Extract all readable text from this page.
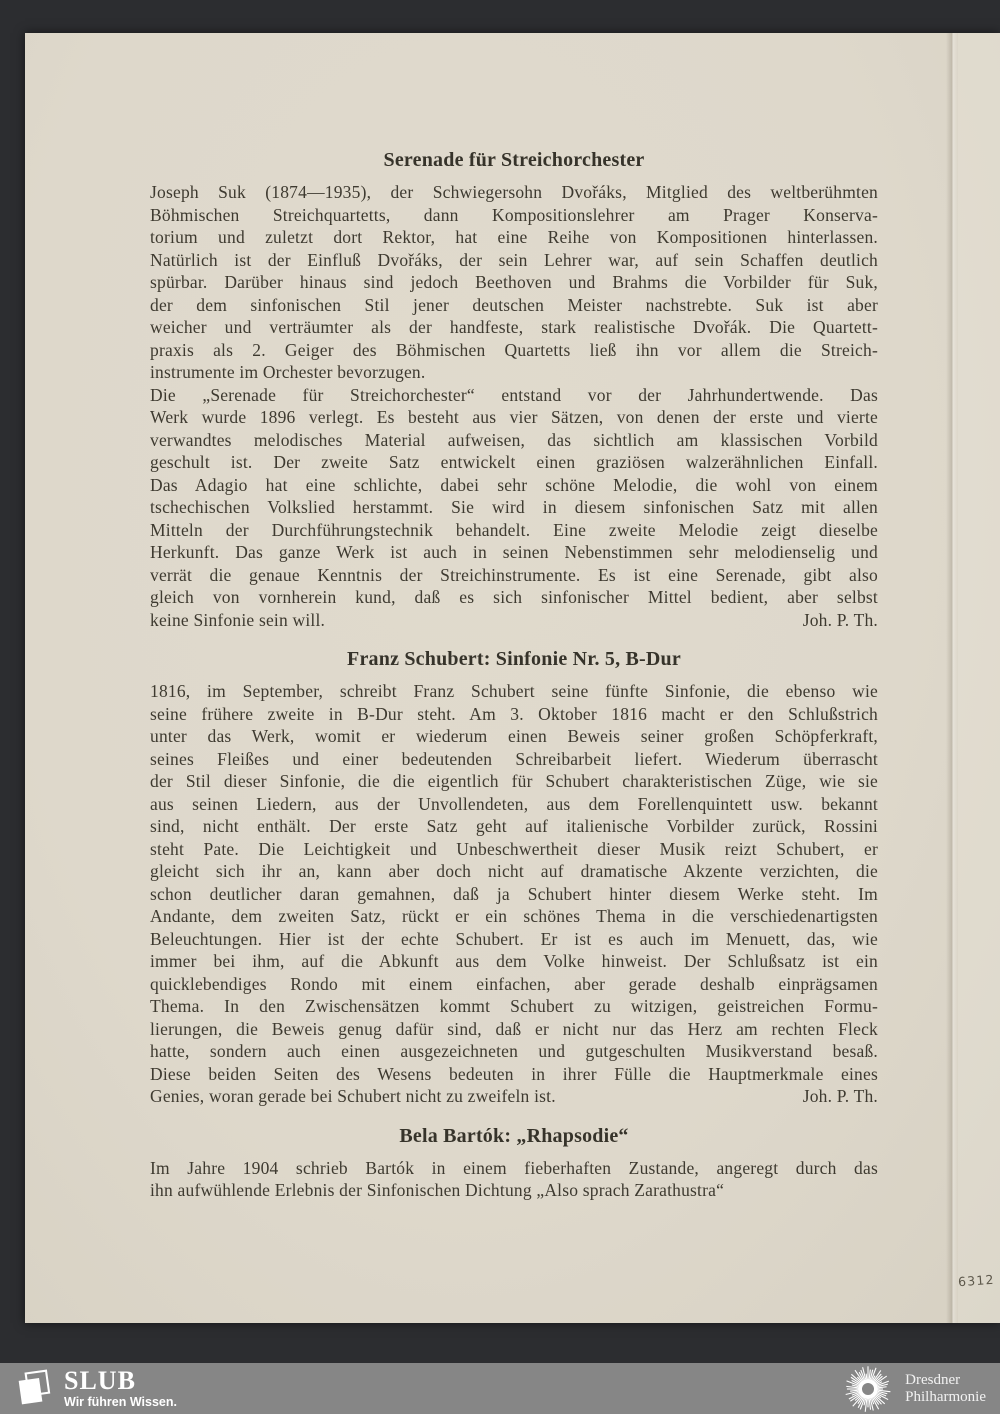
Serenade für Streichorchester
Joseph Suk (1874—1935), der Schwiegersohn Dvořáks, Mitglied des weltberühmten
Böhmischen Streichquartetts, dann Kompositionslehrer am Prager Konserva-
torium und zuletzt dort Rektor, hat eine Reihe von Kompositionen hinterlassen.
Natürlich ist der Einfluß Dvořáks, der sein Lehrer war, auf sein Schaffen deutlich
spürbar. Darüber hinaus sind jedoch Beethoven und Brahms die Vorbilder für Suk,
der dem sinfonischen Stil jener deutschen Meister nachstrebte. Suk ist aber
weicher und verträumter als der handfeste, stark realistische Dvořák. Die Quartett-
praxis als 2. Geiger des Böhmischen Quartetts ließ ihn vor allem die Streich-
instrumente im Orchester bevorzugen.
Die „Serenade für Streichorchester“ entstand vor der Jahrhundertwende. Das
Werk wurde 1896 verlegt. Es besteht aus vier Sätzen, von denen der erste und vierte
verwandtes melodisches Material aufweisen, das sichtlich am klassischen Vorbild
geschult ist. Der zweite Satz entwickelt einen graziösen walzerähnlichen Einfall.
Das Adagio hat eine schlichte, dabei sehr schöne Melodie, die wohl von einem
tschechischen Volkslied herstammt. Sie wird in diesem sinfonischen Satz mit allen
Mitteln der Durchführungstechnik behandelt. Eine zweite Melodie zeigt dieselbe
Herkunft. Das ganze Werk ist auch in seinen Nebenstimmen sehr melodienselig und
verrät die genaue Kenntnis der Streichinstrumente. Es ist eine Serenade, gibt also
gleich von vornherein kund, daß es sich sinfonischer Mittel bedient, aber selbst
keine Sinfonie sein will.	Joh. P. Th.
Franz Schubert: Sinfonie Nr. 5, B-Dur
1816, im September, schreibt Franz Schubert seine fünfte Sinfonie, die ebenso wie
seine frühere zweite in B-Dur steht. Am 3. Oktober 1816 macht er den Schlußstrich
unter das Werk, womit er wiederum einen Beweis seiner großen Schöpferkraft,
seines Fleißes und einer bedeutenden Schreibarbeit liefert. Wiederum überrascht
der Stil dieser Sinfonie, die die eigentlich für Schubert charakteristischen Züge, wie sie
aus seinen Liedern, aus der Unvollendeten, aus dem Forellenquintett usw. bekannt
sind, nicht enthält. Der erste Satz geht auf italienische Vorbilder zurück, Rossini
steht Pate. Die Leichtigkeit und Unbeschwertheit dieser Musik reizt Schubert, er
gleicht sich ihr an, kann aber doch nicht auf dramatische Akzente verzichten, die
schon deutlicher daran gemahnen, daß ja Schubert hinter diesem Werke steht. Im
Andante, dem zweiten Satz, rückt er ein schönes Thema in die verschiedenartigsten
Beleuchtungen. Hier ist der echte Schubert. Er ist es auch im Menuett, das, wie
immer bei ihm, auf die Abkunft aus dem Volke hinweist. Der Schlußsatz ist ein
quicklebendiges Rondo mit einem einfachen, aber gerade deshalb einprägsamen
Thema. In den Zwischensätzen kommt Schubert zu witzigen, geistreichen Formu-
lierungen, die Beweis genug dafür sind, daß er nicht nur das Herz am rechten Fleck
hatte, sondern auch einen ausgezeichneten und gutgeschulten Musikverstand besaß.
Diese beiden Seiten des Wesens bedeuten in ihrer Fülle die Hauptmerkmale eines
Genies, woran gerade bei Schubert nicht zu zweifeln ist.	Joh. P. Th.
Bela Bartók: „Rhapsodie“
Im Jahre 1904 schrieb Bartók in einem fieberhaften Zustande, angeregt durch das
ihn aufwühlende Erlebnis der Sinfonischen Dichtung „Also sprach Zarathustra“
6312
SLUB
Wir führen Wissen.
Dresdner
Philharmonie
